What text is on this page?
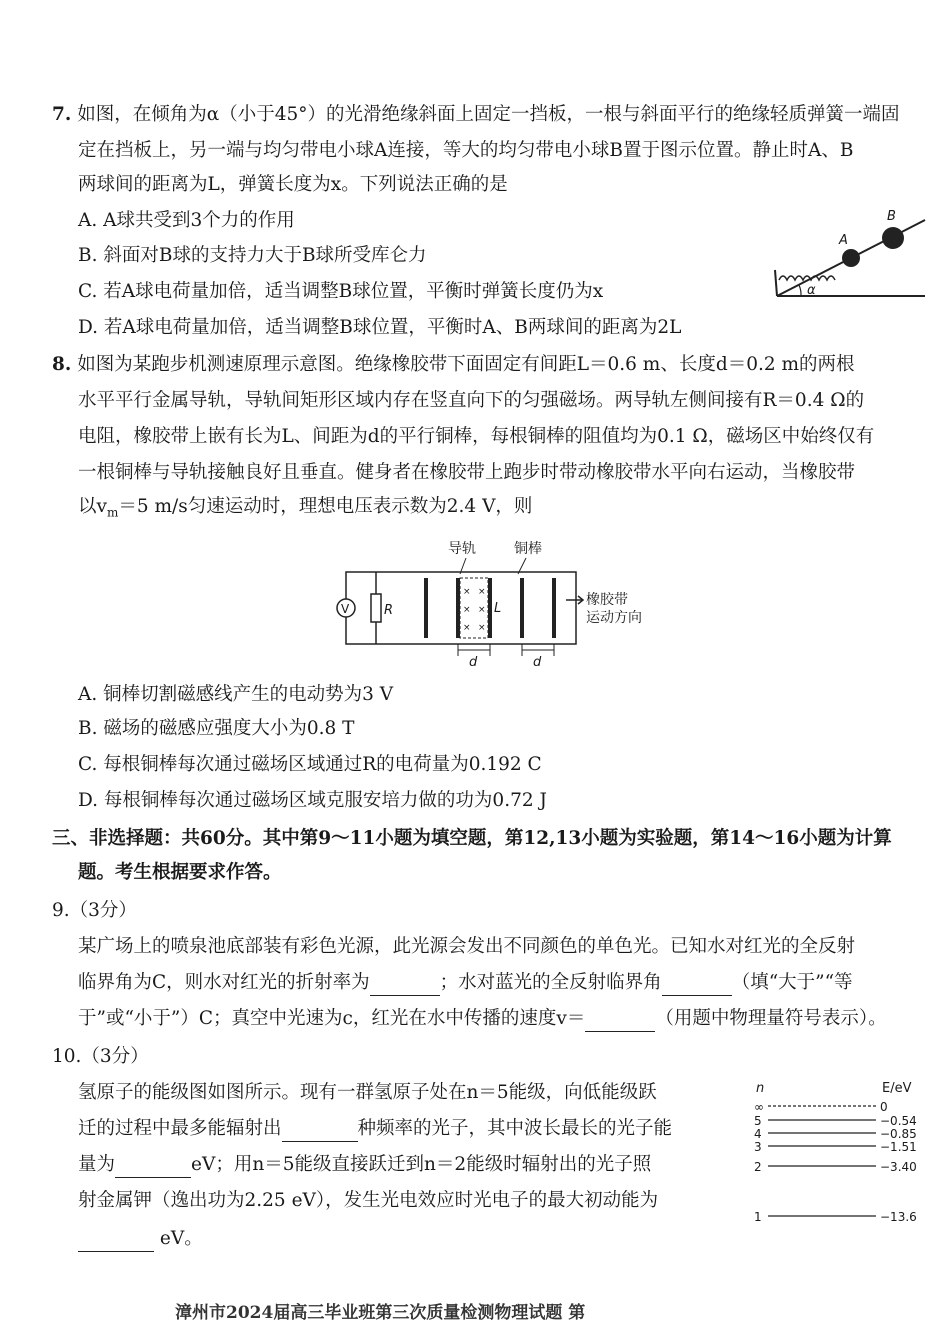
7. 如图，在倾角为α（小于45°）的光滑绝缘斜面上固定一挡板，一根与斜面平行的绝缘轻质弹簧一端固
定在挡板上，另一端与均匀带电小球A连接，等大的均匀带电小球B置于图示位置。静止时A、B
两球间的距离为L，弹簧长度为x。下列说法正确的是
A. A球共受到3个力的作用
B. 斜面对B球的支持力大于B球所受库仑力
C. 若A球电荷量加倍，适当调整B球位置，平衡时弹簧长度仍为x
D. 若A球电荷量加倍，适当调整B球位置，平衡时A、B两球间的距离为2L
A
B
α
8. 如图为某跑步机测速原理示意图。绝缘橡胶带下面固定有间距L＝0.6 m、长度d＝0.2 m的两根
水平平行金属导轨，导轨间矩形区域内存在竖直向下的匀强磁场。两导轨左侧间接有R＝0.4 Ω的
电阻，橡胶带上嵌有长为L、间距为d的平行铜棒，每根铜棒的阻值均为0.1 Ω，磁场区中始终仅有
一根铜棒与导轨接触良好且垂直。健身者在橡胶带上跑步时带动橡胶带水平向右运动，当橡胶带
以$v_m=5$ m/s匀速运动时，理想电压表示数为2.4 V，则
导轨	铜棒
V	R
× ×
× ×
× ×
L
d	d
橡胶带
运动方向
A. 铜棒切割磁感线产生的电动势为3 V
B. 磁场的磁感应强度大小为0.8 T
C. 每根铜棒每次通过磁场区域通过R的电荷量为0.192 C
D. 每根铜棒每次通过磁场区域克服安培力做的功为0.72 J
三、非选择题：共60分。其中第9～11小题为填空题，第12,13小题为实验题，第14～16小题为计算
题。考生根据要求作答。
9.（3分）
某广场上的喷泉池底部装有彩色光源，此光源会发出不同颜色的单色光。已知水对红光的全反射
临界角为C，则水对红光的折射率为	；水对蓝光的全反射临界角	（填“大于”“等
于”或“小于”）C；真空中光速为c，红光在水中传播的速度v＝	（用题中物理量符号表示）。
10.（3分）
氢原子的能级图如图所示。现有一群氢原子处在n＝5能级，向低能级跃
迁的过程中最多能辐射出	种频率的光子，其中波长最长的光子能
量为	eV；用n＝5能级直接跃迁到n＝2能级时辐射出的光子照
射金属钾（逸出功为2.25 eV），发生光电效应时光电子的最大初动能为
eV。
n	E/eV
∞	0
5	−0.54
4	−0.85
3	−1.51
2	−3.40
1	−13.6
漳州市2024届高三毕业班第三次质量检测物理试题 第
